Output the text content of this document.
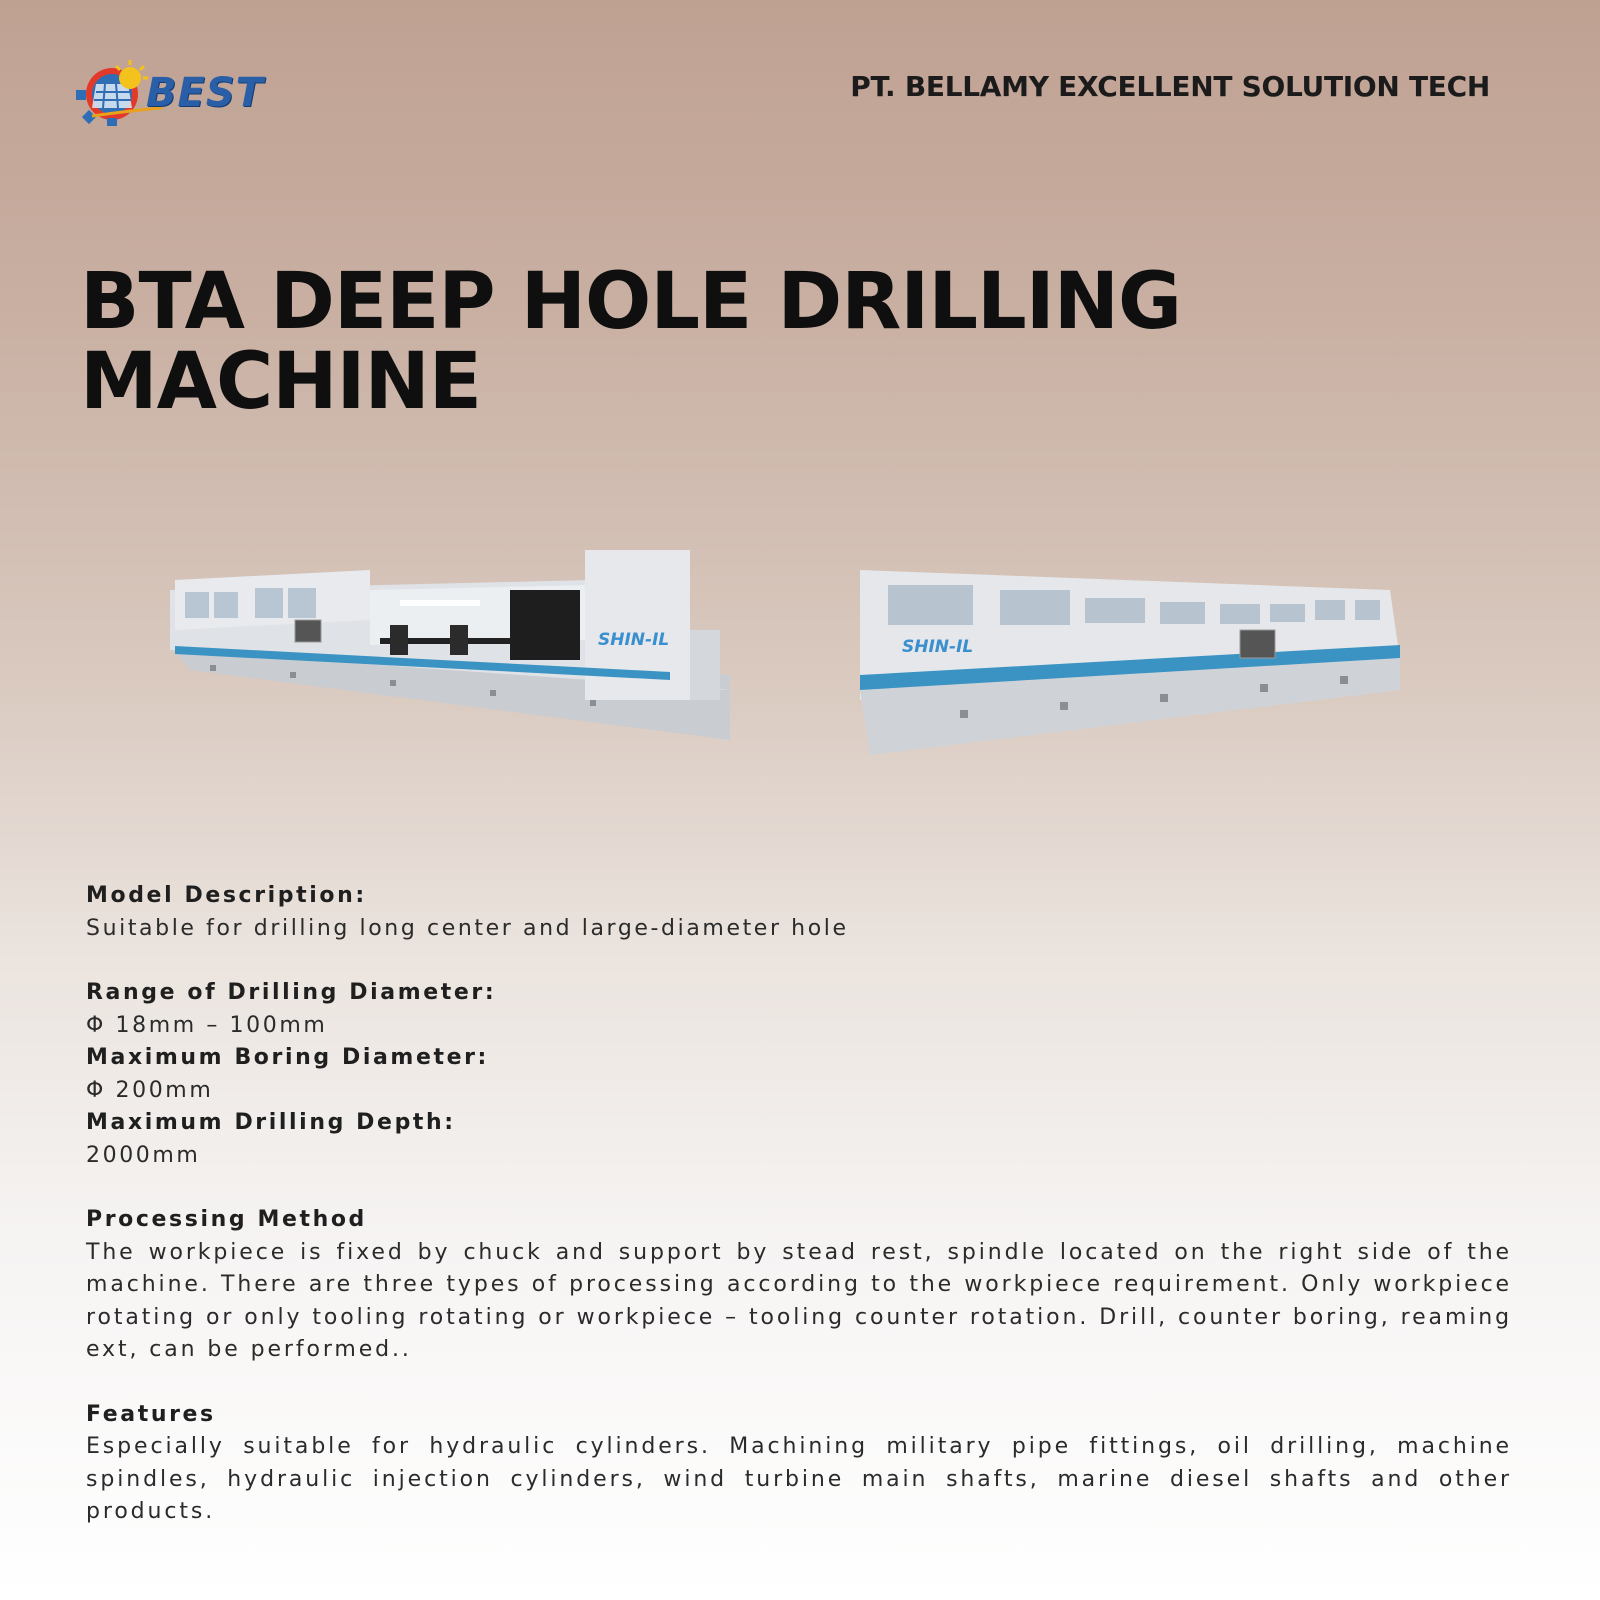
BEST	PT. BELLAMY EXCELLENT SOLUTION TECH
BTA DEEP HOLE DRILLING
MACHINE
SHIN-IL	SHIN-IL
Model Description:
Suitable for drilling long center and large-diameter hole
Range of Drilling Diameter:
Φ 18mm – 100mm
Maximum Boring Diameter:
Φ 200mm
Maximum Drilling Depth:
2000mm
Processing Method
The workpiece is fixed by chuck and support by stead rest, spindle located on the right side of the machine. There are three types of processing according to the workpiece requirement. Only workpiece rotating or only tooling rotating or workpiece – tooling counter rotation. Drill, counter boring, reaming ext, can be performed..
Features
Especially suitable for hydraulic cylinders. Machining military pipe fittings, oil drilling, machine spindles, hydraulic injection cylinders, wind turbine main shafts, marine diesel shafts and other products.
